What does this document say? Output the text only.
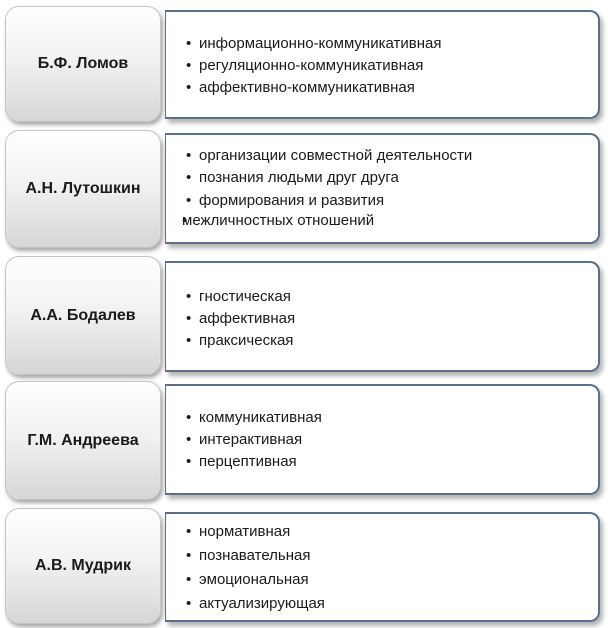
Б.Ф. Ломов
• информационно-коммуникативная
• регуляционно-коммуникативная
• аффективно-коммуникативная
А.Н. Лутошкин
• организации совместной деятельности
• познания людьми друг друга
• формирования и развития
• межличностных отношений
А.А. Бодалев
• гностическая
• аффективная
• праксическая
Г.М. Андреева
• коммуникативная
• интерактивная
• перцептивная
А.В. Мудрик
• нормативная
• познавательная
• эмоциональная
• актуализирующая
